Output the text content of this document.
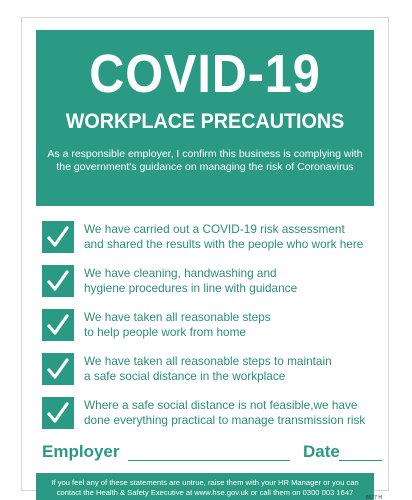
COVID-19
WORKPLACE PRECAUTIONS
As a responsible employer, I confirm this business is complying with
the government's guidance on managing the risk of Coronavirus
We have carried out a COVID-19 risk assessment
and shared the results with the people who work here
We have cleaning, handwashing and
hygiene procedures in line with guidance
We have taken all reasonable steps
to help people work from home
We have taken all reasonable steps to maintain
a safe social distance in the workplace
Where a safe social distance is not feasible,we have
done everything practical to manage transmission risk
Employer	Date
If you feel any of these statements are untrue, raise them with your HR Manager or you can
contact the Health & Safety Executive at www.hse.gov.uk or call them on 0300 003 1647
8577 H
